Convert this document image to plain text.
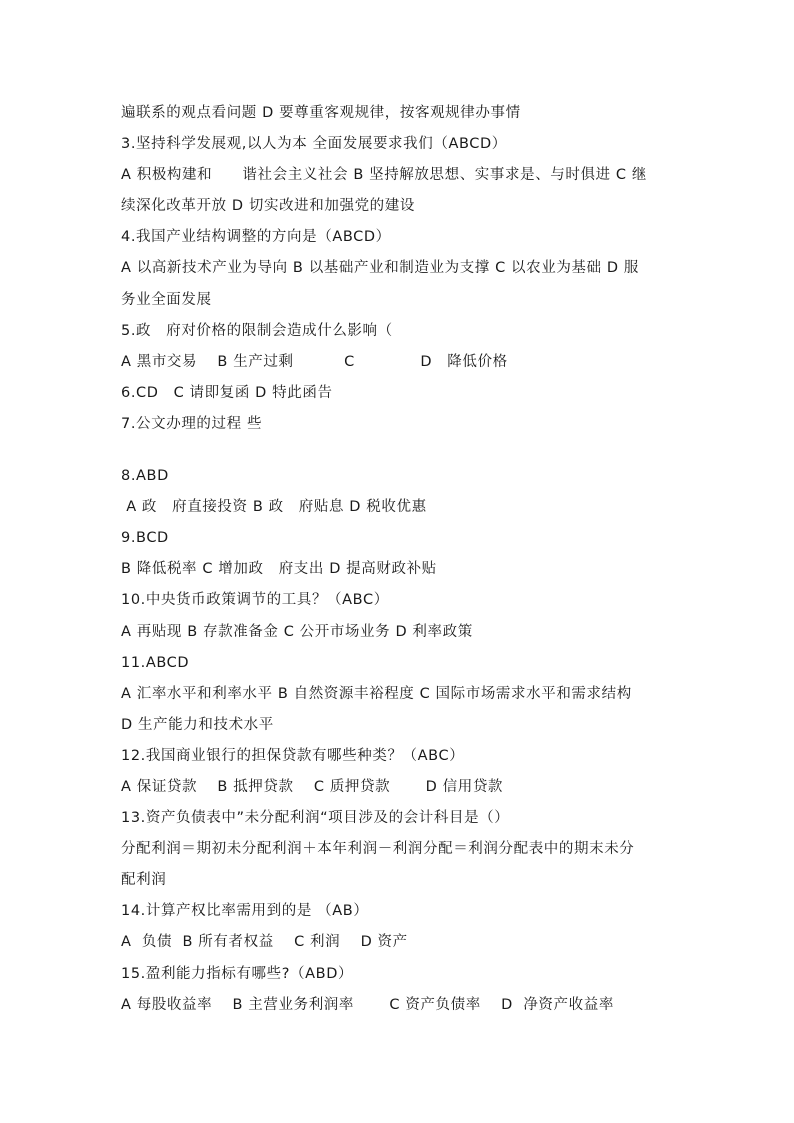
遍联系的观点看问题 D 要尊重客观规律，按客观规律办事情
3.坚持科学发展观,以人为本 全面发展要求我们（ABCD）
A 积极构建和　　谐社会主义社会 B 坚持解放思想、实事求是、与时俱进 C 继
续深化改革开放 D 切实改进和加强党的建设
4.我国产业结构调整的方向是（ABCD）
A 以高新技术产业为导向 B 以基础产业和制造业为支撑 C 以农业为基础 D 服
务业全面发展
5.政　府对价格的限制会造成什么影响（
A 黑市交易　 B 生产过剩　　　 C　　　　 D　降低价格
6.CD　C 请即复函 D 特此函告
7.公文办理的过程 些
8.ABD
A 政　府直接投资 B 政　府贴息 D 税收优惠
9.BCD
B 降低税率 C 增加政　府支出 D 提高财政补贴
10.中央货币政策调节的工具？（ABC）
A 再贴现 B 存款准备金 C 公开市场业务 D 利率政策
11.ABCD
A 汇率水平和利率水平 B 自然资源丰裕程度 C 国际市场需求水平和需求结构
D 生产能力和技术水平
12.我国商业银行的担保贷款有哪些种类？（ABC）
A 保证贷款　 B 抵押贷款　 C 质押贷款　　 D 信用贷款
13.资产负债表中”未分配利润“项目涉及的会计科目是（）
分配利润＝期初未分配利润＋本年利润－利润分配＝利润分配表中的期末未分
配利润
14.计算产权比率需用到的是 （AB）
A  负债  B 所有者权益　 C 利润　 D 资产
15.盈利能力指标有哪些?（ABD）
A 每股收益率　 B 主营业务利润率　　 C 资产负债率　 D  净资产收益率
